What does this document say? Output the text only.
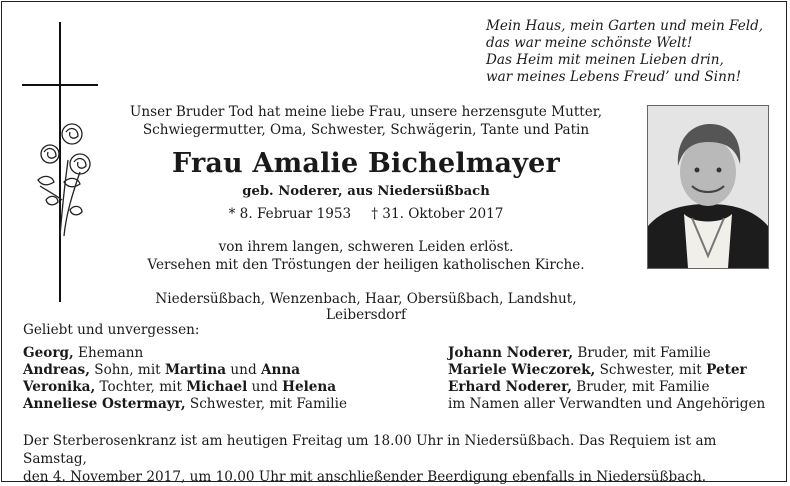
Mein Haus, mein Garten und mein Feld,
das war meine schönste Welt!
Das Heim mit meinen Lieben drin,
war meines Lebens Freud’ und Sinn!
Unser Bruder Tod hat meine liebe Frau, unsere herzensgute Mutter,
Schwiegermutter, Oma, Schwester, Schwägerin, Tante und Patin
Frau Amalie Bichelmayer
geb. Noderer, aus Niedersüßbach
* 8. Februar 1953 † 31. Oktober 2017
von ihrem langen, schweren Leiden erlöst.
Versehen mit den Tröstungen der heiligen katholischen Kirche.
Niedersüßbach, Wenzenbach, Haar, Obersüßbach, Landshut, Leibersdorf
Geliebt und unvergessen:
Georg, Ehemann
Andreas, Sohn, mit Martina und Anna
Veronika, Tochter, mit Michael und Helena
Anneliese Ostermayr, Schwester, mit Familie
Johann Noderer, Bruder, mit Familie
Mariele Wieczorek, Schwester, mit Peter
Erhard Noderer, Bruder, mit Familie
im Namen aller Verwandten und Angehörigen
Der Sterberosenkranz ist am heutigen Freitag um 18.00 Uhr in Niedersüßbach. Das Requiem ist am Samstag,
den 4. November 2017, um 10.00 Uhr mit anschließender Beerdigung ebenfalls in Niedersüßbach.
